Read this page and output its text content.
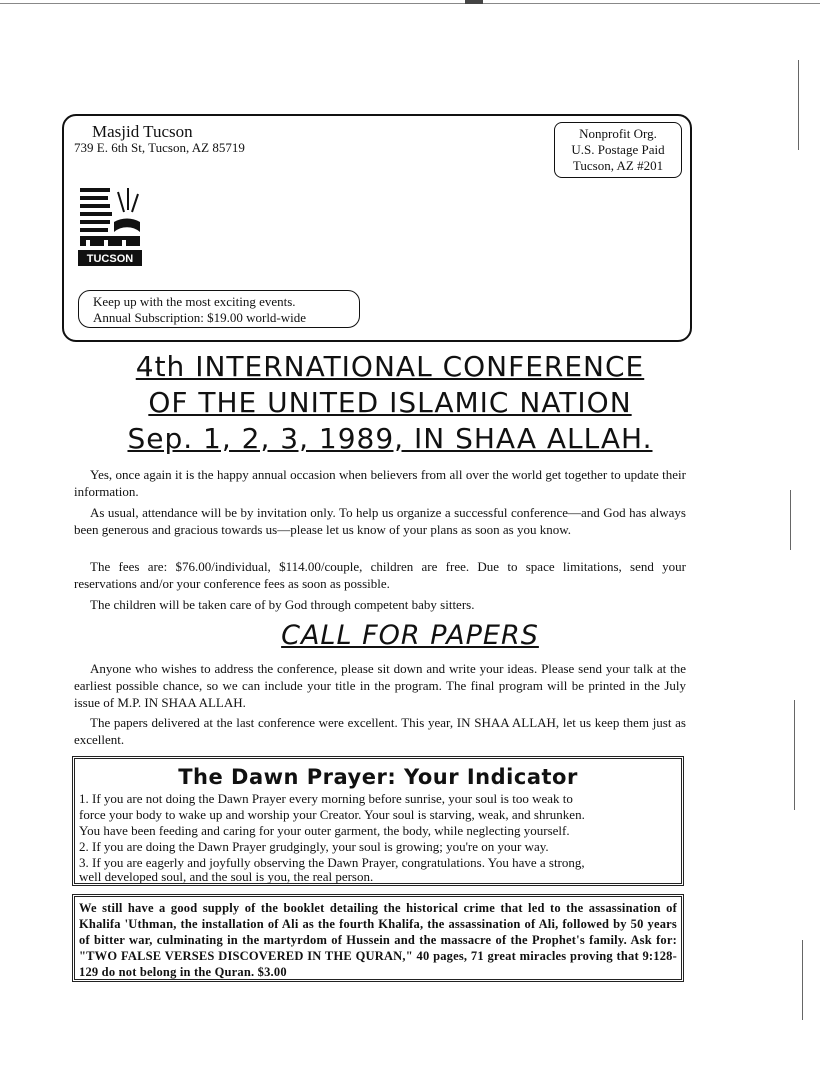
Masjid Tucson
739 E. 6th St, Tucson, AZ 85719
Nonprofit Org.
U.S. Postage Paid
Tucson, AZ #201
TUCSON
Keep up with the most exciting events.
Annual Subscription: $19.00 world-wide
4th INTERNATIONAL CONFERENCE
OF THE UNITED ISLAMIC NATION
Sep. 1, 2, 3, 1989, IN SHAA ALLAH.
Yes, once again it is the happy annual occasion when believers from all over the world get together to update their information.
As usual, attendance will be by invitation only. To help us organize a successful conference—and God has always been generous and gracious towards us—please let us know of your plans as soon as you know.
The fees are: $76.00/individual, $114.00/couple, children are free. Due to space limitations, send your reservations and/or your conference fees as soon as possible.
The children will be taken care of by God through competent baby sitters.
CALL FOR PAPERS
Anyone who wishes to address the conference, please sit down and write your ideas. Please send your talk at the earliest possible chance, so we can include your title in the program. The final program will be printed in the July issue of M.P. IN SHAA ALLAH.
The papers delivered at the last conference were excellent. This year, IN SHAA ALLAH, let us keep them just as excellent.
The Dawn Prayer: Your Indicator
1. If you are not doing the Dawn Prayer every morning before sunrise, your soul is too weak to
force your body to wake up and worship your Creator. Your soul is starving, weak, and shrunken.
You have been feeding and caring for your outer garment, the body, while neglecting yourself.
2. If you are doing the Dawn Prayer grudgingly, your soul is growing; you're on your way.
3. If you are eagerly and joyfully observing the Dawn Prayer, congratulations. You have a strong,
well developed soul, and the soul is you, the real person.
We still have a good supply of the booklet detailing the historical crime that led to the assassination of Khalifa 'Uthman, the installation of Ali as the fourth Khalifa, the assassination of Ali, followed by 50 years of bitter war, culminating in the martyrdom of Hussein and the massacre of the Prophet's family. Ask for: "TWO FALSE VERSES DISCOVERED IN THE QURAN," 40 pages, 71 great miracles proving that 9:128-129 do not belong in the Quran. $3.00
